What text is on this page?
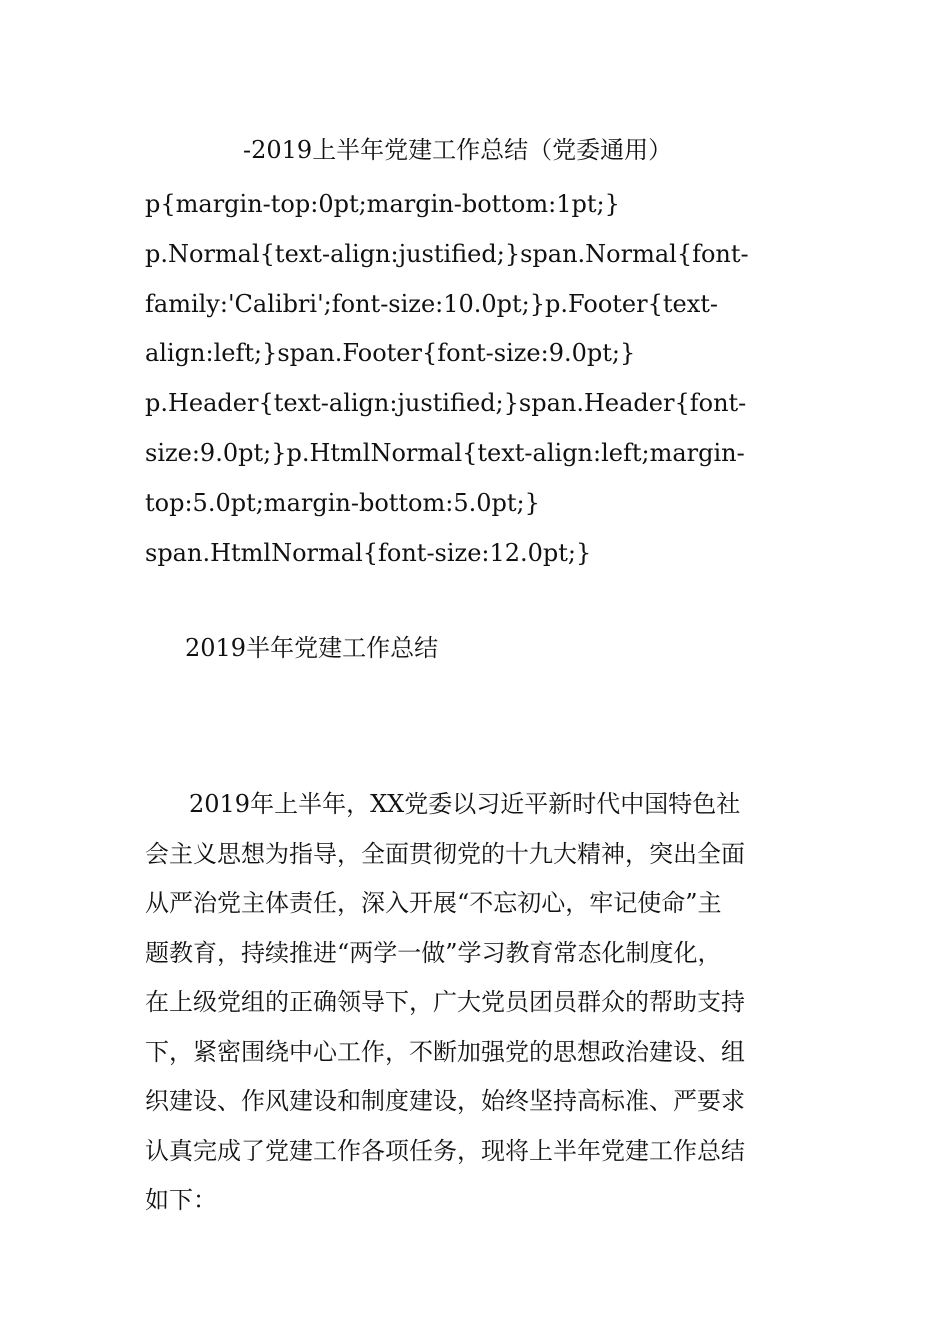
-2019上半年党建工作总结（党委通用）
p{margin-top:0pt;margin-bottom:1pt;}
p.Normal{text-align:justified;}span.Normal{font-
family:'Calibri';font-size:10.0pt;}p.Footer{text-
align:left;}span.Footer{font-size:9.0pt;}
p.Header{text-align:justified;}span.Header{font-
size:9.0pt;}p.HtmlNormal{text-align:left;margin-
top:5.0pt;margin-bottom:5.0pt;}
span.HtmlNormal{font-size:12.0pt;}
2019半年党建工作总结
2019年上半年，XX党委以习近平新时代中国特色社
会主义思想为指导，全面贯彻党的十九大精神，突出全面
从严治党主体责任，深入开展“不忘初心，牢记使命”主
题教育，持续推进“两学一做”学习教育常态化制度化，
在上级党组的正确领导下，广大党员团员群众的帮助支持
下，紧密围绕中心工作，不断加强党的思想政治建设、组
织建设、作风建设和制度建设，始终坚持高标准、严要求
认真完成了党建工作各项任务，现将上半年党建工作总结
如下：
